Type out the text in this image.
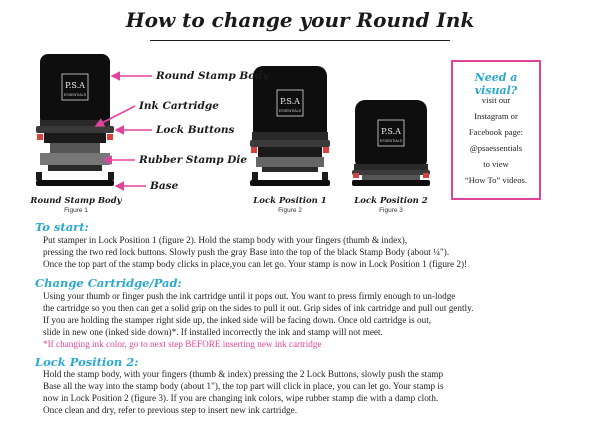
How to change your Round Ink
P.S.A
ESSENTIALS
P.S.A
ESSENTIALS
P.S.A
ESSENTIALS
Round Stamp Body
Ink Cartridge
Lock Buttons
Rubber Stamp Die
Base
Round Stamp Body
Figure 1
Lock Position 1
Figure 2
Lock Position 2
Figure 3
Need a visual?
visit our
Instagram or
Facebook page:
@psaessentials
to view
“How To” videos.
To start:
Put stamper in Lock Position 1 (figure 2). Hold the stamp body with your fingers (thumb & index),
pressing the two red lock buttons. Slowly push the gray Base into the top of the black Stamp Body (about ¼").
Once the top part of the stamp body clicks in place,you can let go. Your stamp is now in Lock Position 1 (figure 2)!
Change Cartridge/Pad:
Using your thumb or finger push the ink cartridge until it pops out. You want to press firmly enough to un-lodge
the cartridge so you then can get a solid grip on the sides to pull it out. Grip sides of ink cartridge and pull out gently.
If you are holding the stamper right side up, the inked side will be facing down. Once old cartridge is out,
slide in new one (inked side down)*. If installed incorrectly the ink and stamp will not meet.
*If changing ink color, go to next step BEFORE inserting new ink cartridge
Lock Position 2:
Hold the stamp body, with your fingers (thumb & index) pressing the 2 Lock Buttons, slowly push the stamp
Base all the way into the stamp body (about 1"), the top part will click in place, you can let go. Your stamp is
now in Lock Position 2 (figure 3). If you are changing ink colors, wipe rubber stamp die with a damp cloth.
Once clean and dry, refer to previous step to insert new ink cartridge.
